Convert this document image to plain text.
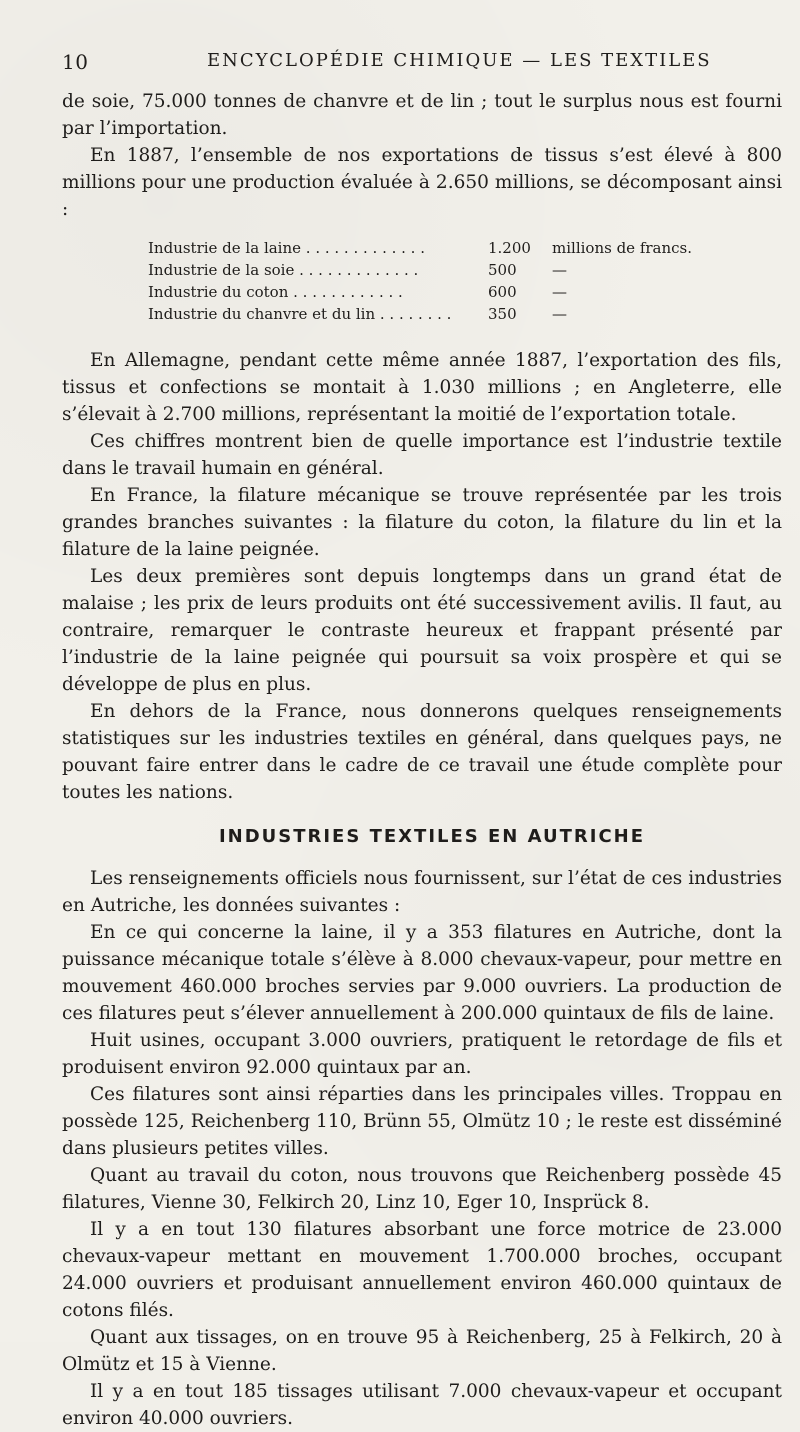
10	ENCYCLOPÉDIE CHIMIQUE — LES TEXTILES

de soie, 75.000 tonnes de chanvre et de lin ; tout le surplus nous est fourni par l’importation.

En 1887, l’ensemble de nos exportations de tissus s’est élevé à 800 millions pour une production évaluée à 2.650 millions, se décomposant ainsi :

Industrie de la laine . . . . . . . . . . . . .	1.200	millions de francs.
Industrie de la soie . . . . . . . . . . . . .	500	—
Industrie du coton . . . . . . . . . . . .	600	—
Industrie du chanvre et du lin . . . . . . . .	350	—

En Allemagne, pendant cette même année 1887, l’exportation des fils, tissus et confections se montait à 1.030 millions ; en Angleterre, elle s’élevait à 2.700 millions, représentant la moitié de l’exportation totale.

Ces chiffres montrent bien de quelle importance est l’industrie textile dans le travail humain en général.

En France, la filature mécanique se trouve représentée par les trois grandes branches suivantes : la filature du coton, la filature du lin et la filature de la laine peignée.

Les deux premières sont depuis longtemps dans un grand état de malaise ; les prix de leurs produits ont été successivement avilis. Il faut, au contraire, remarquer le contraste heureux et frappant présenté par l’industrie de la laine peignée qui poursuit sa voix prospère et qui se développe de plus en plus.

En dehors de la France, nous donnerons quelques renseignements statistiques sur les industries textiles en général, dans quelques pays, ne pouvant faire entrer dans le cadre de ce travail une étude complète pour toutes les nations.

INDUSTRIES TEXTILES EN AUTRICHE

Les renseignements officiels nous fournissent, sur l’état de ces industries en Autriche, les données suivantes :

En ce qui concerne la laine, il y a 353 filatures en Autriche, dont la puissance mécanique totale s’élève à 8.000 chevaux-vapeur, pour mettre en mouvement 460.000 broches servies par 9.000 ouvriers. La production de ces filatures peut s’élever annuellement à 200.000 quintaux de fils de laine.

Huit usines, occupant 3.000 ouvriers, pratiquent le retordage de fils et produisent environ 92.000 quintaux par an.

Ces filatures sont ainsi réparties dans les principales villes. Troppau en possède 125, Reichenberg 110, Brünn 55, Olmütz 10 ; le reste est disséminé dans plusieurs petites villes.

Quant au travail du coton, nous trouvons que Reichenberg possède 45 filatures, Vienne 30, Felkirch 20, Linz 10, Eger 10, Insprück 8.

Il y a en tout 130 filatures absorbant une force motrice de 23.000 chevaux-vapeur mettant en mouvement 1.700.000 broches, occupant 24.000 ouvriers et produisant annuellement environ 460.000 quintaux de cotons filés.

Quant aux tissages, on en trouve 95 à Reichenberg, 25 à Felkirch, 20 à Olmütz et 15 à Vienne.

Il y a en tout 185 tissages utilisant 7.000 chevaux-vapeur et occupant environ 40.000 ouvriers.
